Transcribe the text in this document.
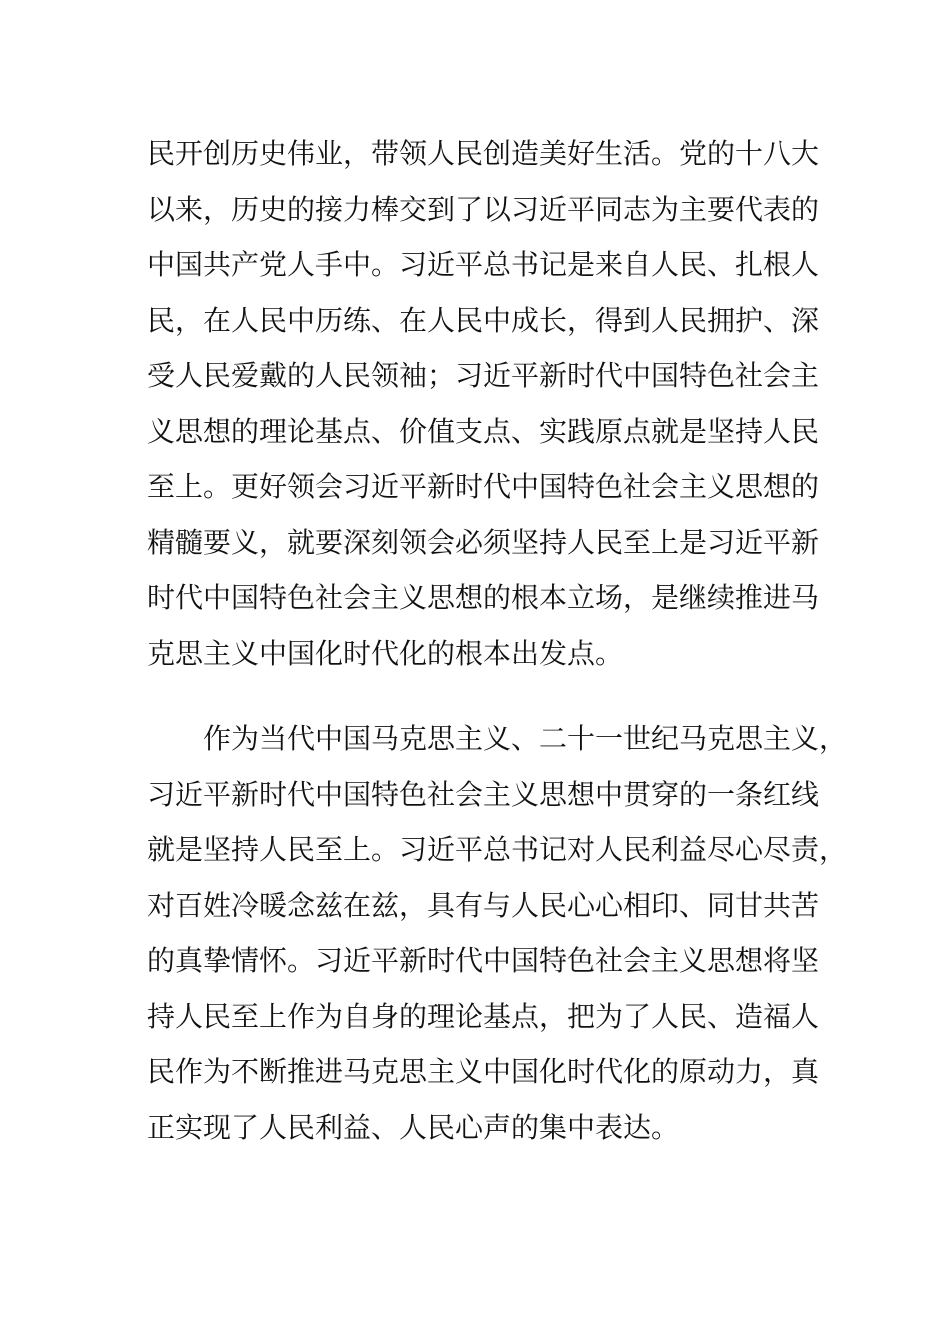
民开创历史伟业，带领人民创造美好生活。党的十八大
以来，历史的接力棒交到了以习近平同志为主要代表的
中国共产党人手中。习近平总书记是来自人民、扎根人
民，在人民中历练、在人民中成长，得到人民拥护、深
受人民爱戴的人民领袖；习近平新时代中国特色社会主
义思想的理论基点、价值支点、实践原点就是坚持人民
至上。更好领会习近平新时代中国特色社会主义思想的
精髓要义，就要深刻领会必须坚持人民至上是习近平新
时代中国特色社会主义思想的根本立场，是继续推进马
克思主义中国化时代化的根本出发点。
作为当代中国马克思主义、二十一世纪马克思主义，
习近平新时代中国特色社会主义思想中贯穿的一条红线
就是坚持人民至上。习近平总书记对人民利益尽心尽责，
对百姓冷暖念兹在兹，具有与人民心心相印、同甘共苦
的真挚情怀。习近平新时代中国特色社会主义思想将坚
持人民至上作为自身的理论基点，把为了人民、造福人
民作为不断推进马克思主义中国化时代化的原动力，真
正实现了人民利益、人民心声的集中表达。
